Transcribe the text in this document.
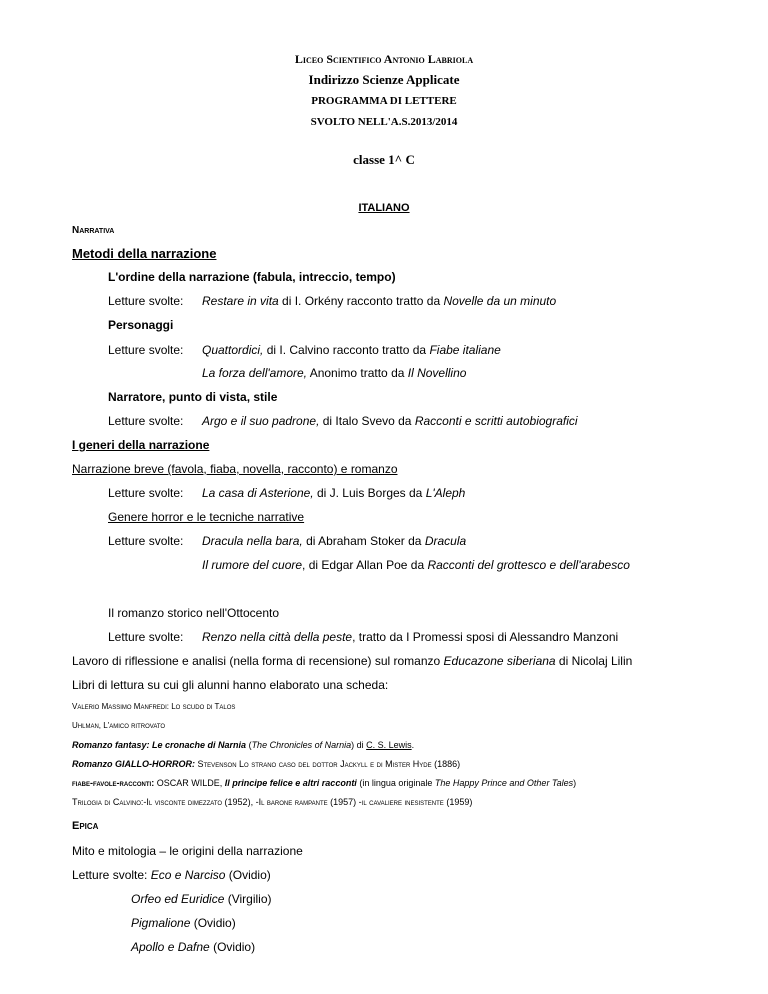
Liceo Scientifico Antonio Labriola
Indirizzo Scienze Applicate
PROGRAMMA DI LETTERE
SVOLTO NELL'A.S.2013/2014
classe 1^ C
ITALIANO
Narrativa
Metodi della narrazione
L'ordine della narrazione (fabula, intreccio, tempo)
Letture svolte: Restare in vita di I. Orkény racconto tratto da Novelle da un minuto
Personaggi
Letture svolte: Quattordici, di I. Calvino racconto tratto da Fiabe italiane
La forza dell'amore, Anonimo tratto da Il Novellino
Narratore, punto di vista, stile
Letture svolte: Argo e il suo padrone, di Italo Svevo da Racconti e scritti autobiografici
I generi della narrazione
Narrazione breve (favola, fiaba, novella, racconto) e romanzo
Letture svolte: La casa di Asterione, di J. Luis Borges da L'Aleph
Genere horror e le tecniche narrative
Letture svolte: Dracula nella bara, di Abraham Stoker da Dracula
Il rumore del cuore, di Edgar Allan Poe da Racconti del grottesco e dell'arabesco
Il romanzo storico nell'Ottocento
Letture svolte: Renzo nella città della peste, tratto da I Promessi sposi di Alessandro Manzoni
Lavoro di riflessione e analisi (nella forma di recensione) sul romanzo Educazone siberiana di Nicolaj Lilin
Libri di lettura su cui gli alunni hanno elaborato una scheda:
Valerio Massimo Manfredi: Lo scudo di Talos
Uhlman, L'amico ritrovato
Romanzo fantasy: Le cronache di Narnia (The Chronicles of Narnia) di C. S. Lewis.
Romanzo GIALLO-HORROR: Stevenson Lo strano caso del dottor Jackyll e di Mister Hyde (1886)
fiabe-favole-racconti: OSCAR WILDE, Il principe felice e altri racconti (in lingua originale The Happy Prince and Other Tales)
Trilogia di Calvino:-Il visconte dimezzato (1952), -Il barone rampante (1957) -il cavaliere inesistente (1959)
Epica
Mito e mitologia – le origini della narrazione
Letture svolte: Eco e Narciso (Ovidio)
Orfeo ed Euridice (Virgilio)
Pigmalione (Ovidio)
Apollo e Dafne (Ovidio)
